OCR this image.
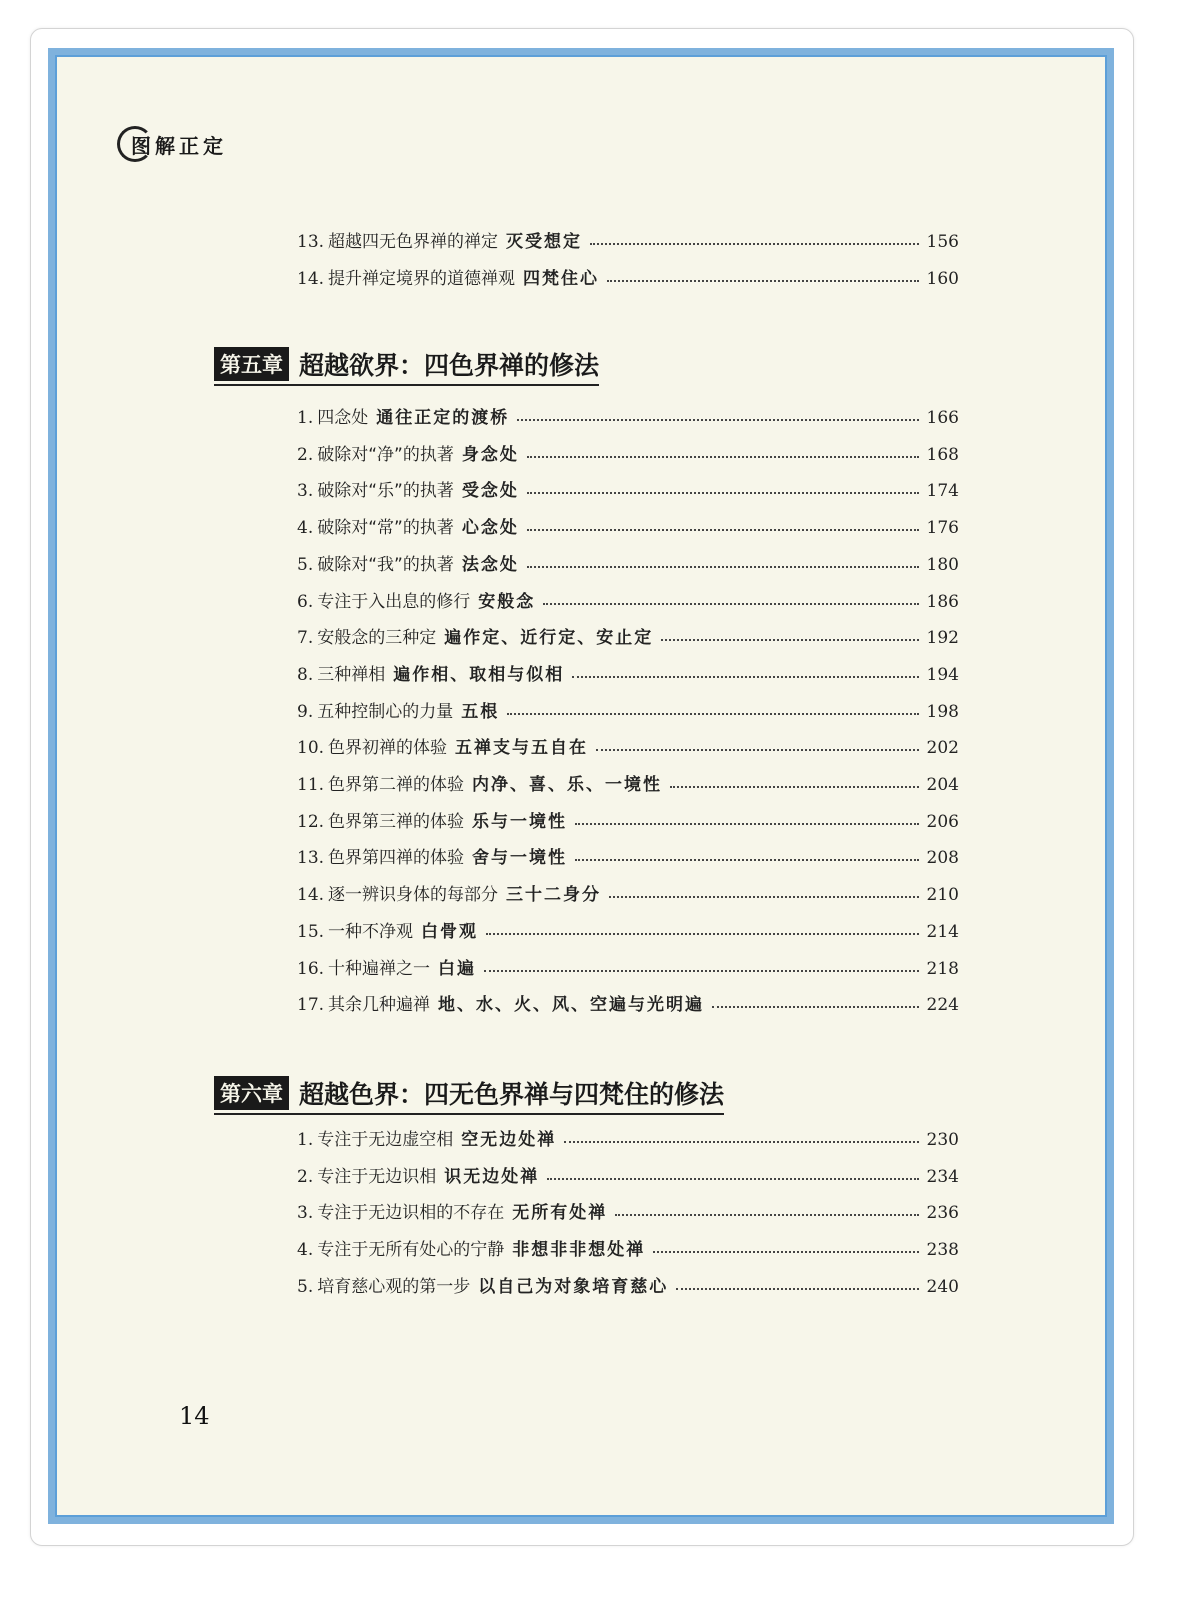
图解正定
13. 超越四无色界禅的禅定 灭受想定	156
14. 提升禅定境界的道德禅观 四梵住心	160
第五章 超越欲界：四色界禅的修法
1. 四念处 通往正定的渡桥	166
2. 破除对“净”的执著 身念处	168
3. 破除对“乐”的执著 受念处	174
4. 破除对“常”的执著 心念处	176
5. 破除对“我”的执著 法念处	180
6. 专注于入出息的修行 安般念	186
7. 安般念的三种定 遍作定、近行定、安止定	192
8. 三种禅相 遍作相、取相与似相	194
9. 五种控制心的力量 五根	198
10. 色界初禅的体验 五禅支与五自在	202
11. 色界第二禅的体验 内净、喜、乐、一境性	204
12. 色界第三禅的体验 乐与一境性	206
13. 色界第四禅的体验 舍与一境性	208
14. 逐一辨识身体的每部分 三十二身分	210
15. 一种不净观 白骨观	214
16. 十种遍禅之一 白遍	218
17. 其余几种遍禅 地、水、火、风、空遍与光明遍	224
第六章 超越色界：四无色界禅与四梵住的修法
1. 专注于无边虚空相 空无边处禅	230
2. 专注于无边识相 识无边处禅	234
3. 专注于无边识相的不存在 无所有处禅	236
4. 专注于无所有处心的宁静 非想非非想处禅	238
5. 培育慈心观的第一步 以自己为对象培育慈心	240
14
